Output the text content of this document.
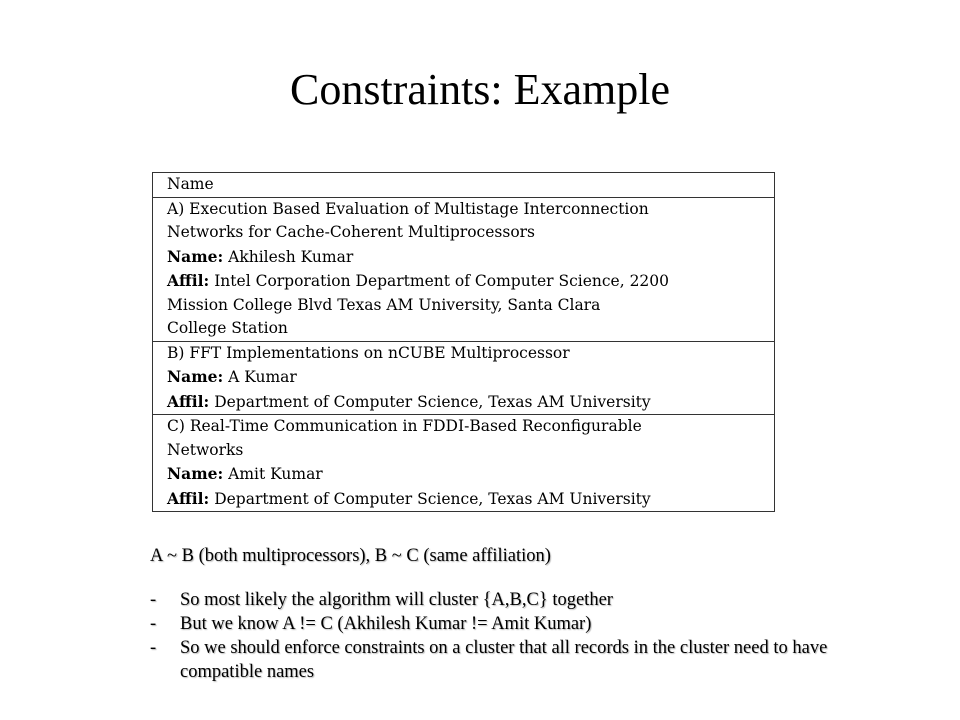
Constraints: Example
Name
A) Execution Based Evaluation of Multistage Interconnection
Networks for Cache-Coherent Multiprocessors
Name: Akhilesh Kumar
Affil: Intel Corporation Department of Computer Science, 2200
Mission College Blvd Texas AM University, Santa Clara
College Station
B) FFT Implementations on nCUBE Multiprocessor
Name: A Kumar
Affil: Department of Computer Science, Texas AM University
C) Real-Time Communication in FDDI-Based Reconfigurable
Networks
Name: Amit Kumar
Affil: Department of Computer Science, Texas AM University
A ~ B (both multiprocessors), B ~ C (same affiliation)
- So most likely the algorithm will cluster {A,B,C} together
- But we know A != C (Akhilesh Kumar != Amit Kumar)
- So we should enforce constraints on a cluster that all records in the cluster need to have compatible names
